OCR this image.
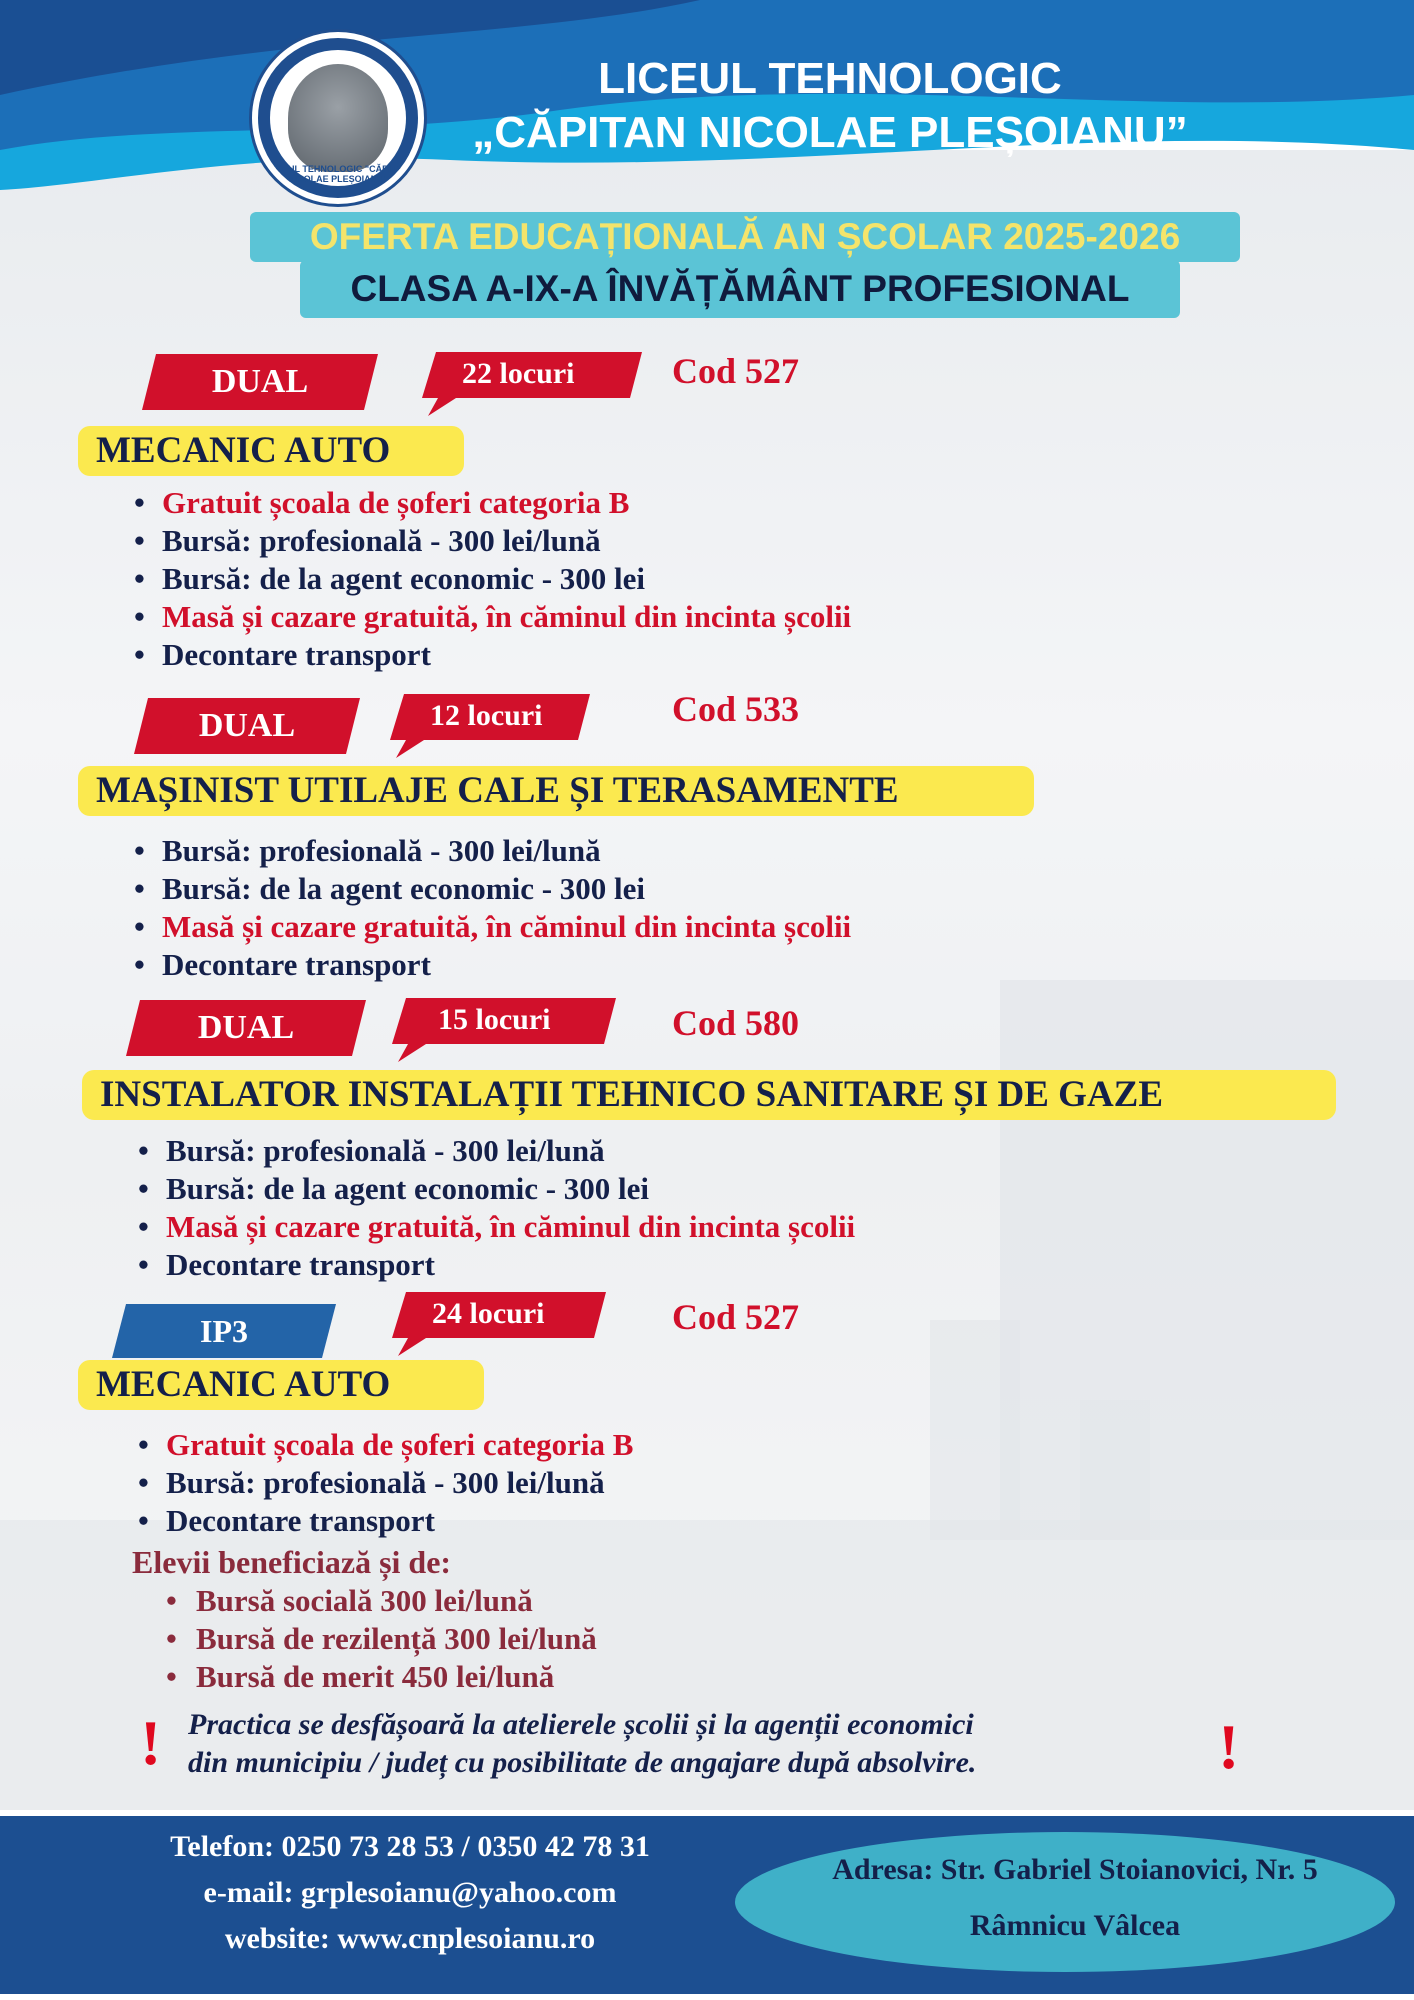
LICEUL TEHNOLOGIC "CĂPITAN NICOLAE PLEȘOIANU"
LICEUL TEHNOLOGIC
„CĂPITAN NICOLAE PLEȘOIANU”
OFERTA EDUCAȚIONALĂ AN ȘCOLAR 2025-2026
CLASA A-IX-A ÎNVĂȚĂMÂNT PROFESIONAL
DUAL	22 locuri	Cod 527
MECANIC AUTO
• Gratuit școala de șoferi categoria B
• Bursă: profesională - 300 lei/lună
• Bursă: de la agent economic - 300 lei
• Masă și cazare gratuită, în căminul din incinta școlii
• Decontare transport
DUAL	12 locuri	Cod 533
MAȘINIST UTILAJE CALE ȘI TERASAMENTE
• Bursă: profesională - 300 lei/lună
• Bursă: de la agent economic - 300 lei
• Masă și cazare gratuită, în căminul din incinta școlii
• Decontare transport
DUAL	15 locuri	Cod 580
INSTALATOR INSTALAȚII TEHNICO SANITARE ȘI DE GAZE
• Bursă: profesională - 300 lei/lună
• Bursă: de la agent economic - 300 lei
• Masă și cazare gratuită, în căminul din incinta școlii
• Decontare transport
IP3	24 locuri	Cod 527
MECANIC AUTO
• Gratuit școala de șoferi categoria B
• Bursă: profesională - 300 lei/lună
• Decontare transport
Elevii beneficiază și de:
• Bursă socială 300 lei/lună
• Bursă de rezilență 300 lei/lună
• Bursă de merit 450 lei/lună
! Practica se desfășoară la atelierele școlii și la agenții economici
din municipiu / județ cu posibilitate de angajare după absolvire.	!
Telefon: 0250 73 28 53 / 0350 42 78 31
e-mail: grplesoianu@yahoo.com
website: www.cnplesoianu.ro
Adresa: Str. Gabriel Stoianovici, Nr. 5
Râmnicu Vâlcea
